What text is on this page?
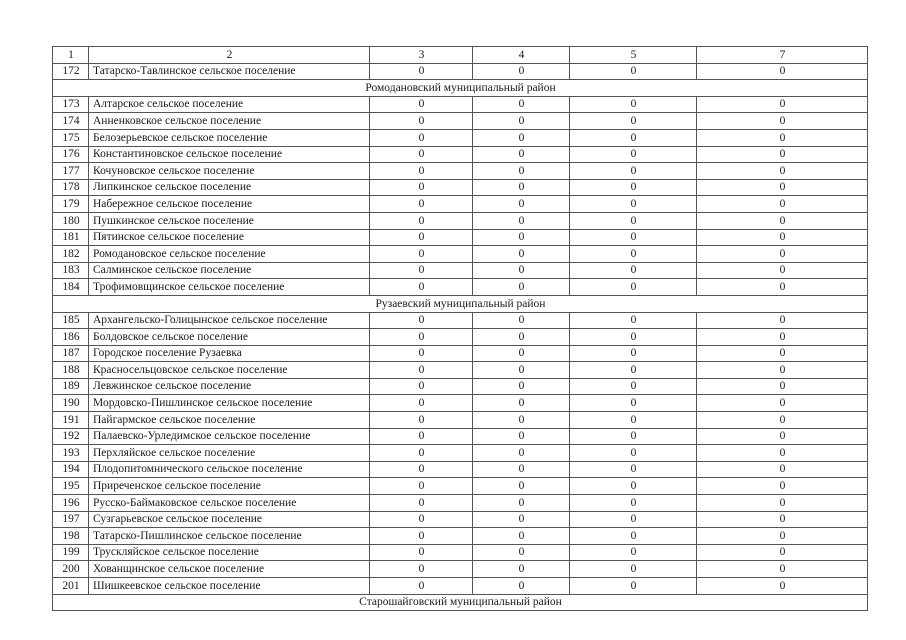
1	2	3	4	5	7
172	Татарско-Тавлинское сельское поселение	0	0	0	0
Ромодановский муниципальный район					
173	Алтарское сельское поселение	0	0	0	0
174	Анненковское сельское поселение	0	0	0	0
175	Белозерьевское сельское поселение	0	0	0	0
176	Константиновское сельское поселение	0	0	0	0
177	Кочуновское сельское поселение	0	0	0	0
178	Липкинское сельское поселение	0	0	0	0
179	Набережное сельское поселение	0	0	0	0
180	Пушкинское сельское поселение	0	0	0	0
181	Пятинское сельское поселение	0	0	0	0
182	Ромодановское сельское поселение	0	0	0	0
183	Салминское сельское поселение	0	0	0	0
184	Трофимовщинское сельское поселение	0	0	0	0
Рузаевский муниципальный район					
185	Архангельско-Голицынское сельское поселение	0	0	0	0
186	Болдовское сельское поселение	0	0	0	0
187	Городское поселение Рузаевка	0	0	0	0
188	Красносельцовское сельское поселение	0	0	0	0
189	Левжинское сельское поселение	0	0	0	0
190	Мордовско-Пишлинское сельское поселение	0	0	0	0
191	Пайгармское сельское поселение	0	0	0	0
192	Палаевско-Урледимское сельское поселение	0	0	0	0
193	Перхляйское сельское поселение	0	0	0	0
194	Плодопитомнического сельское поселение	0	0	0	0
195	Приреченское сельское поселение	0	0	0	0
196	Русско-Баймаковское сельское поселение	0	0	0	0
197	Сузгарьевское сельское поселение	0	0	0	0
198	Татарско-Пишлинское сельское поселение	0	0	0	0
199	Трускляйское сельское поселение	0	0	0	0
200	Хованщинское сельское поселение	0	0	0	0
201	Шишкеевское сельское поселение	0	0	0	0
Старошайговский муниципальный район					
